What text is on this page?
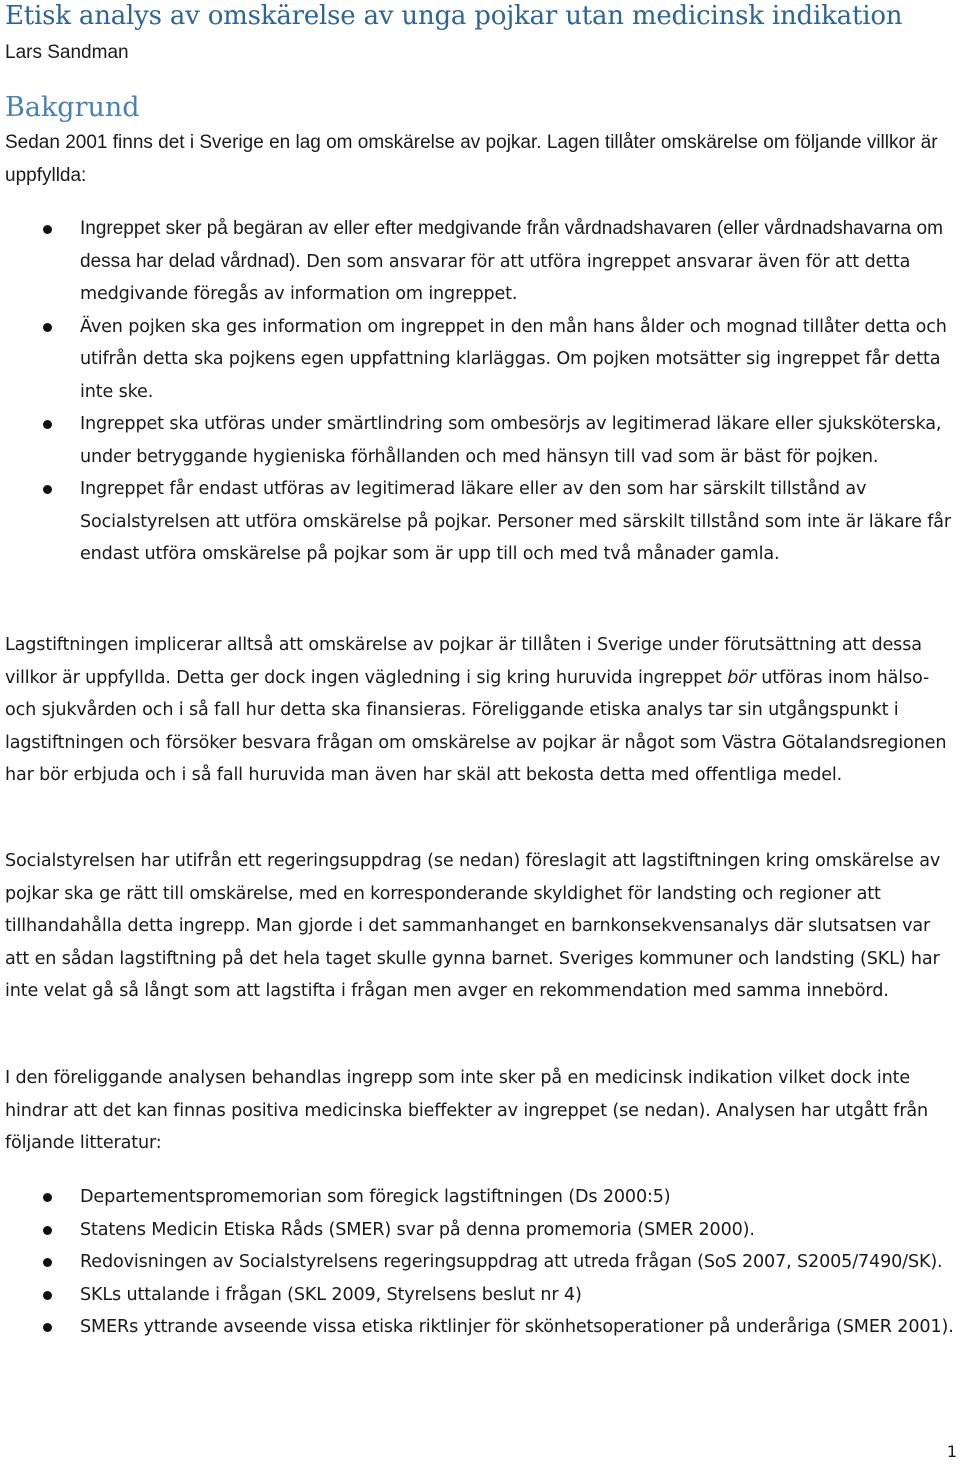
Etisk analys av omskärelse av unga pojkar utan medicinsk indikation
Lars Sandman
Bakgrund

Sedan 2001 finns det i Sverige en lag om omskärelse av pojkar. Lagen tillåter omskärelse om följande villkor är uppfyllda:

Ingreppet sker på begäran av eller efter medgivande från vårdnadshavaren (eller vårdnadshavarna om dessa har delad vårdnad). Den som ansvarar för att utföra ingreppet ansvarar även för att detta medgivande föregås av information om ingreppet.
Även pojken ska ges information om ingreppet in den mån hans ålder och mognad tillåter detta och utifrån detta ska pojkens egen uppfattning klarläggas. Om pojken motsätter sig ingreppet får detta inte ske.
Ingreppet ska utföras under smärtlindring som ombesörjs av legitimerad läkare eller sjuksköterska, under betryggande hygieniska förhållanden och med hänsyn till vad som är bäst för pojken.
Ingreppet får endast utföras av legitimerad läkare eller av den som har särskilt tillstånd av Socialstyrelsen att utföra omskärelse på pojkar. Personer med särskilt tillstånd som inte är läkare får endast utföra omskärelse på pojkar som är upp till och med två månader gamla.

Lagstiftningen implicerar alltså att omskärelse av pojkar är tillåten i Sverige under förutsättning att dessa villkor är uppfyllda. Detta ger dock ingen vägledning i sig kring huruvida ingreppet bör utföras inom hälso- och sjukvården och i så fall hur detta ska finansieras. Föreliggande etiska analys tar sin utgångspunkt i lagstiftningen och försöker besvara frågan om omskärelse av pojkar är något som Västra Götalandsregionen har bör erbjuda och i så fall huruvida man även har skäl att bekosta detta med offentliga medel.

Socialstyrelsen har utifrån ett regeringsuppdrag (se nedan) föreslagit att lagstiftningen kring omskärelse av pojkar ska ge rätt till omskärelse, med en korresponderande skyldighet för landsting och regioner att tillhandahålla detta ingrepp. Man gjorde i det sammanhanget en barnkonsekvensanalys där slutsatsen var att en sådan lagstiftning på det hela taget skulle gynna barnet. Sveriges kommuner och landsting (SKL) har inte velat gå så långt som att lagstifta i frågan men avger en rekommendation med samma innebörd.

I den föreliggande analysen behandlas ingrepp som inte sker på en medicinsk indikation vilket dock inte hindrar att det kan finnas positiva medicinska bieffekter av ingreppet (se nedan). Analysen har utgått från följande litteratur:

Departementspromemorian som föregick lagstiftningen (Ds 2000:5)
Statens Medicin Etiska Råds (SMER) svar på denna promemoria (SMER 2000).
Redovisningen av Socialstyrelsens regeringsuppdrag att utreda frågan (SoS 2007, S2005/7490/SK).
SKLs uttalande i frågan (SKL 2009, Styrelsens beslut nr 4)
SMERs yttrande avseende vissa etiska riktlinjer för skönhetsoperationer på underåriga (SMER 2001).
1
